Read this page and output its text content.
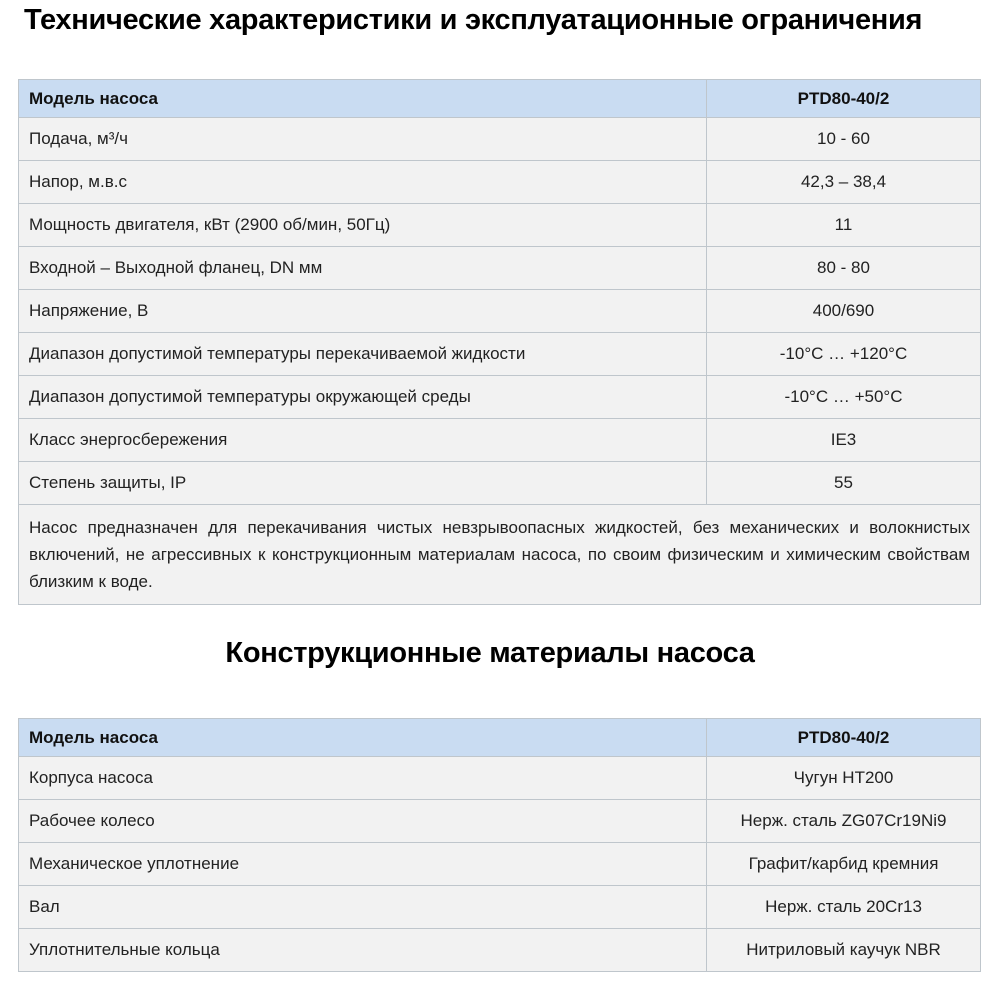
Технические характеристики и эксплуатационные ограничения
Модель насоса	PTD80-40/2
Подача, м³/ч	10 - 60
Напор, м.в.с	42,3 – 38,4
Мощность двигателя, кВт (2900 об/мин, 50Гц)	11
Входной – Выходной фланец, DN мм	80 - 80
Напряжение, В	400/690
Диапазон допустимой температуры перекачиваемой жидкости	-10°C … +120°C
Диапазон допустимой температуры окружающей среды	-10°C … +50°C
Класс энергосбережения	IE3
Степень защиты, IP	55
Насос предназначен для перекачивания чистых невзрывоопасных жидкостей, без механических и волокнистых включений, не агрессивных к конструкционным материалам насоса, по своим физическим и химическим свойствам близким к воде.	
Конструкционные материалы насоса
Модель насоса	PTD80-40/2
Корпуса насоса	Чугун HT200
Рабочее колесо	Нерж. сталь ZG07Cr19Ni9
Механическое уплотнение	Графит/карбид кремния
Вал	Нерж. сталь 20Cr13
Уплотнительные кольца	Нитриловый каучук NBR
